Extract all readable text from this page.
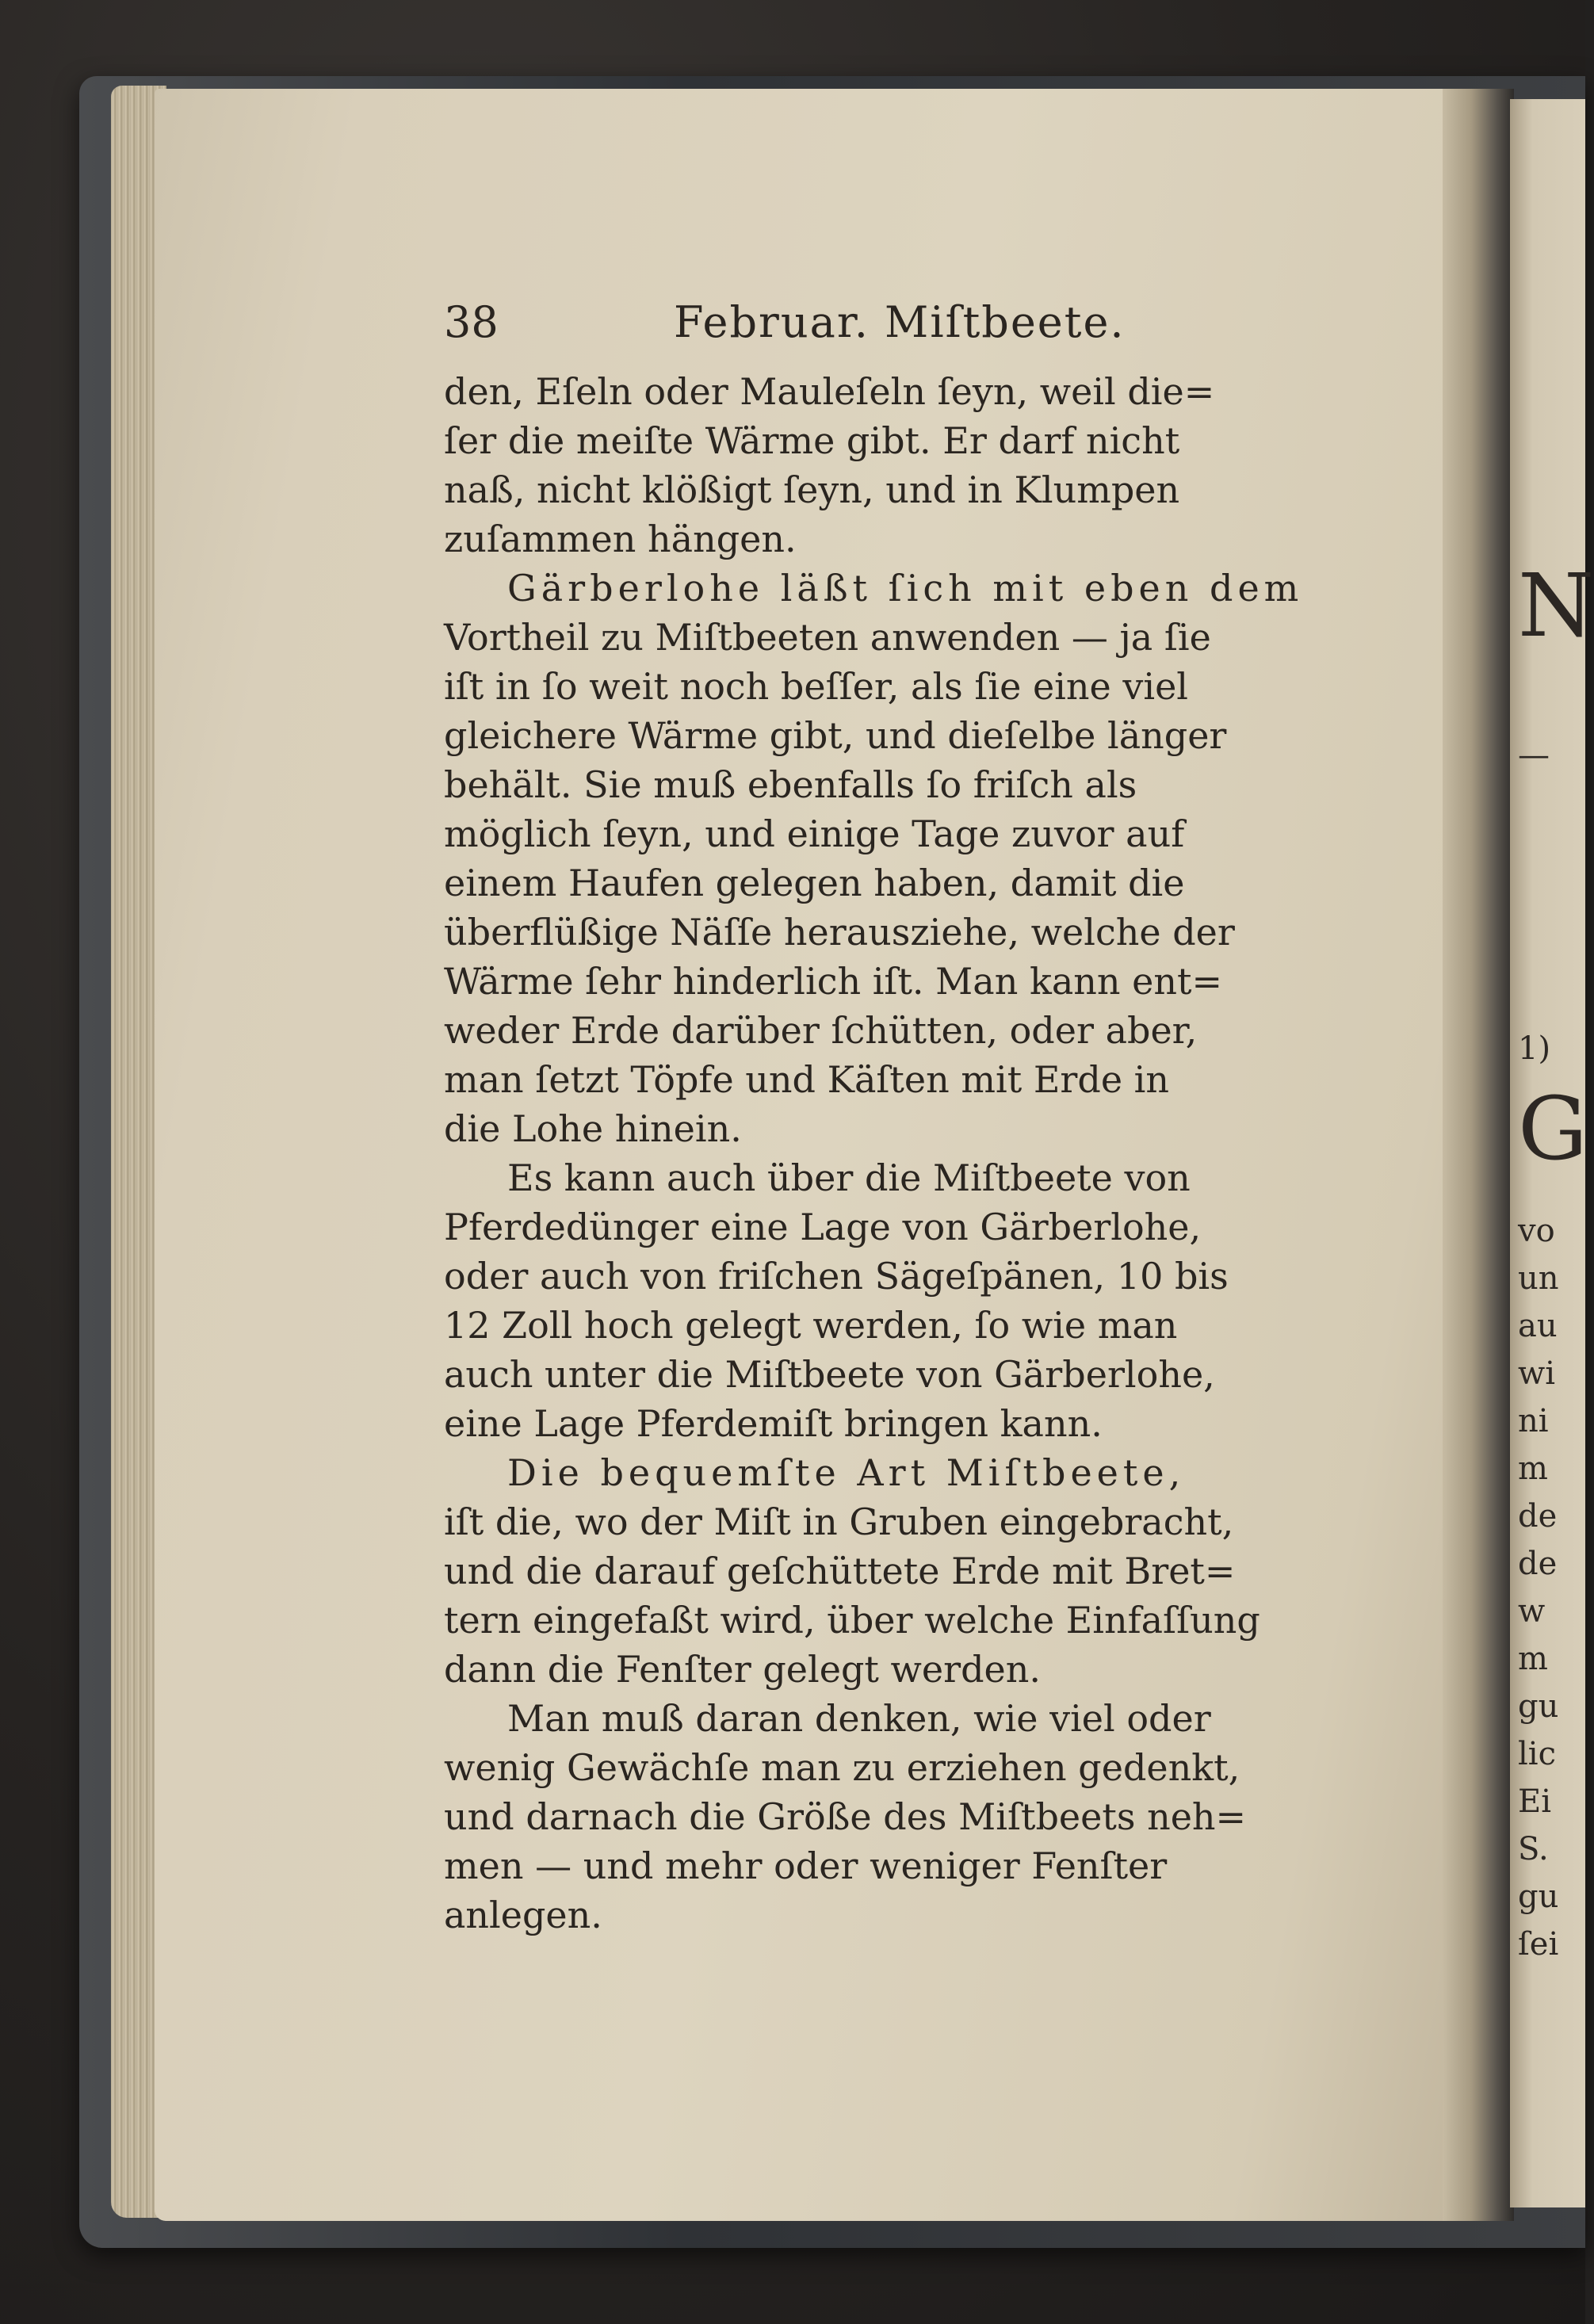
38	Februar. Miſtbeete.
den, Eſeln oder Mauleſeln ſeyn, weil die=
ſer die meiſte Wärme gibt. Er darf nicht
naß, nicht klößigt ſeyn, und in Klumpen
zuſammen hängen.
Gärberlohe läßt ſich mit eben dem
Vortheil zu Miſtbeeten anwenden — ja ſie
iſt in ſo weit noch beſſer, als ſie eine viel
gleichere Wärme gibt, und dieſelbe länger
behält. Sie muß ebenfalls ſo friſch als
möglich ſeyn, und einige Tage zuvor auf
einem Haufen gelegen haben, damit die
überflüßige Näſſe herausziehe, welche der
Wärme ſehr hinderlich iſt. Man kann ent=
weder Erde darüber ſchütten, oder aber,
man ſetzt Töpfe und Käſten mit Erde in
die Lohe hinein.
Es kann auch über die Miſtbeete von
Pferdedünger eine Lage von Gärberlohe,
oder auch von friſchen Sägeſpänen, 10 bis
12 Zoll hoch gelegt werden, ſo wie man
auch unter die Miſtbeete von Gärberlohe,
eine Lage Pferdemiſt bringen kann.
Die bequemſte Art Miſtbeete,
iſt die, wo der Miſt in Gruben eingebracht,
und die darauf geſchüttete Erde mit Bret=
tern eingefaßt wird, über welche Einfaſſung
dann die Fenſter gelegt werden.
Man muß daran denken, wie viel oder
wenig Gewächſe man zu erziehen gedenkt,
und darnach die Größe des Miſtbeets neh=
men — und mehr oder weniger Fenſter
anlegen.
N
—
1)
G
vo
un
au
wi
ni
m
de
de
w
m
gu
lic
Ei
S.
gu
ſei
